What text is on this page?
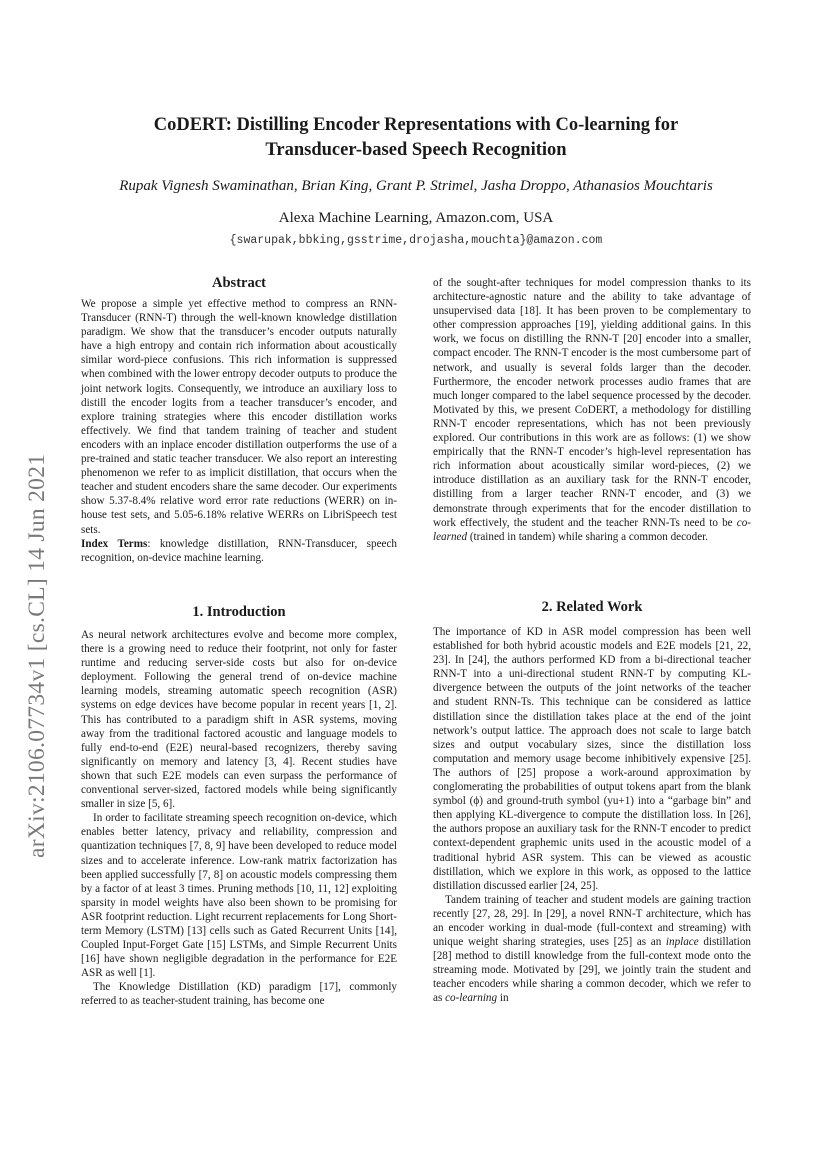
arXiv:2106.07734v1 [cs.CL] 14 Jun 2021
CoDERT: Distilling Encoder Representations with Co-learning for
Transducer-based Speech Recognition
Rupak Vignesh Swaminathan, Brian King, Grant P. Strimel, Jasha Droppo, Athanasios Mouchtaris
Alexa Machine Learning, Amazon.com, USA
{swarupak,bbking,gsstrime,drojasha,mouchta}@amazon.com
Abstract

We propose a simple yet effective method to compress an RNN-Transducer (RNN-T) through the well-known knowledge distillation paradigm. We show that the transducer’s encoder outputs naturally have a high entropy and contain rich information about acoustically similar word-piece confusions. This rich information is suppressed when combined with the lower entropy decoder outputs to produce the joint network logits. Consequently, we introduce an auxiliary loss to distill the encoder logits from a teacher transducer’s encoder, and explore training strategies where this encoder distillation works effectively. We find that tandem training of teacher and student encoders with an inplace encoder distillation outperforms the use of a pre-trained and static teacher transducer. We also report an interesting phenomenon we refer to as implicit distillation, that occurs when the teacher and student encoders share the same decoder. Our experiments show 5.37-8.4% relative word error rate reductions (WERR) on in-house test sets, and 5.05-6.18% relative WERRs on LibriSpeech test sets.

Index Terms: knowledge distillation, RNN-Transducer, speech recognition, on-device machine learning.

1. Introduction

As neural network architectures evolve and become more complex, there is a growing need to reduce their footprint, not only for faster runtime and reducing server-side costs but also for on-device deployment. Following the general trend of on-device machine learning models, streaming automatic speech recognition (ASR) systems on edge devices have become popular in recent years [1, 2]. This has contributed to a paradigm shift in ASR systems, moving away from the traditional factored acoustic and language models to fully end-to-end (E2E) neural-based recognizers, thereby saving significantly on memory and latency [3, 4]. Recent studies have shown that such E2E models can even surpass the performance of conventional server-sized, factored models while being significantly smaller in size [5, 6].

In order to facilitate streaming speech recognition on-device, which enables better latency, privacy and reliability, compression and quantization techniques [7, 8, 9] have been developed to reduce model sizes and to accelerate inference. Low-rank matrix factorization has been applied successfully [7, 8] on acoustic models compressing them by a factor of at least 3 times. Pruning methods [10, 11, 12] exploiting sparsity in model weights have also been shown to be promising for ASR footprint reduction. Light recurrent replacements for Long Short-term Memory (LSTM) [13] cells such as Gated Recurrent Units [14], Coupled Input-Forget Gate [15] LSTMs, and Simple Recurrent Units [16] have shown negligible degradation in the performance for E2E ASR as well [1].

The Knowledge Distillation (KD) paradigm [17], commonly referred to as teacher-student training, has become one

of the sought-after techniques for model compression thanks to its architecture-agnostic nature and the ability to take advantage of unsupervised data [18]. It has been proven to be complementary to other compression approaches [19], yielding additional gains. In this work, we focus on distilling the RNN-T [20] encoder into a smaller, compact encoder. The RNN-T encoder is the most cumbersome part of network, and usually is several folds larger than the decoder. Furthermore, the encoder network processes audio frames that are much longer compared to the label sequence processed by the decoder. Motivated by this, we present CoDERT, a methodology for distilling RNN-T encoder representations, which has not been previously explored. Our contributions in this work are as follows: (1) we show empirically that the RNN-T encoder’s high-level representation has rich information about acoustically similar word-pieces, (2) we introduce distillation as an auxiliary task for the RNN-T encoder, distilling from a larger teacher RNN-T encoder, and (3) we demonstrate through experiments that for the encoder distillation to work effectively, the student and the teacher RNN-Ts need to be co-learned (trained in tandem) while sharing a common decoder.

2. Related Work

The importance of KD in ASR model compression has been well established for both hybrid acoustic models and E2E models [21, 22, 23]. In [24], the authors performed KD from a bi-directional teacher RNN-T into a uni-directional student RNN-T by computing KL-divergence between the outputs of the joint networks of the teacher and student RNN-Ts. This technique can be considered as lattice distillation since the distillation takes place at the end of the joint network’s output lattice. The approach does not scale to large batch sizes and output vocabulary sizes, since the distillation loss computation and memory usage become inhibitively expensive [25]. The authors of [25] propose a work-around approximation by conglomerating the probabilities of output tokens apart from the blank symbol (ϕ) and ground-truth symbol (yu+1) into a “garbage bin” and then applying KL-divergence to compute the distillation loss. In [26], the authors propose an auxiliary task for the RNN-T encoder to predict context-dependent graphemic units used in the acoustic model of a traditional hybrid ASR system. This can be viewed as acoustic distillation, which we explore in this work, as opposed to the lattice distillation discussed earlier [24, 25].

Tandem training of teacher and student models are gaining traction recently [27, 28, 29]. In [29], a novel RNN-T architecture, which has an encoder working in dual-mode (full-context and streaming) with unique weight sharing strategies, uses [25] as an inplace distillation [28] method to distill knowledge from the full-context mode onto the streaming mode. Motivated by [29], we jointly train the student and teacher encoders while sharing a common decoder, which we refer to as co-learning in
